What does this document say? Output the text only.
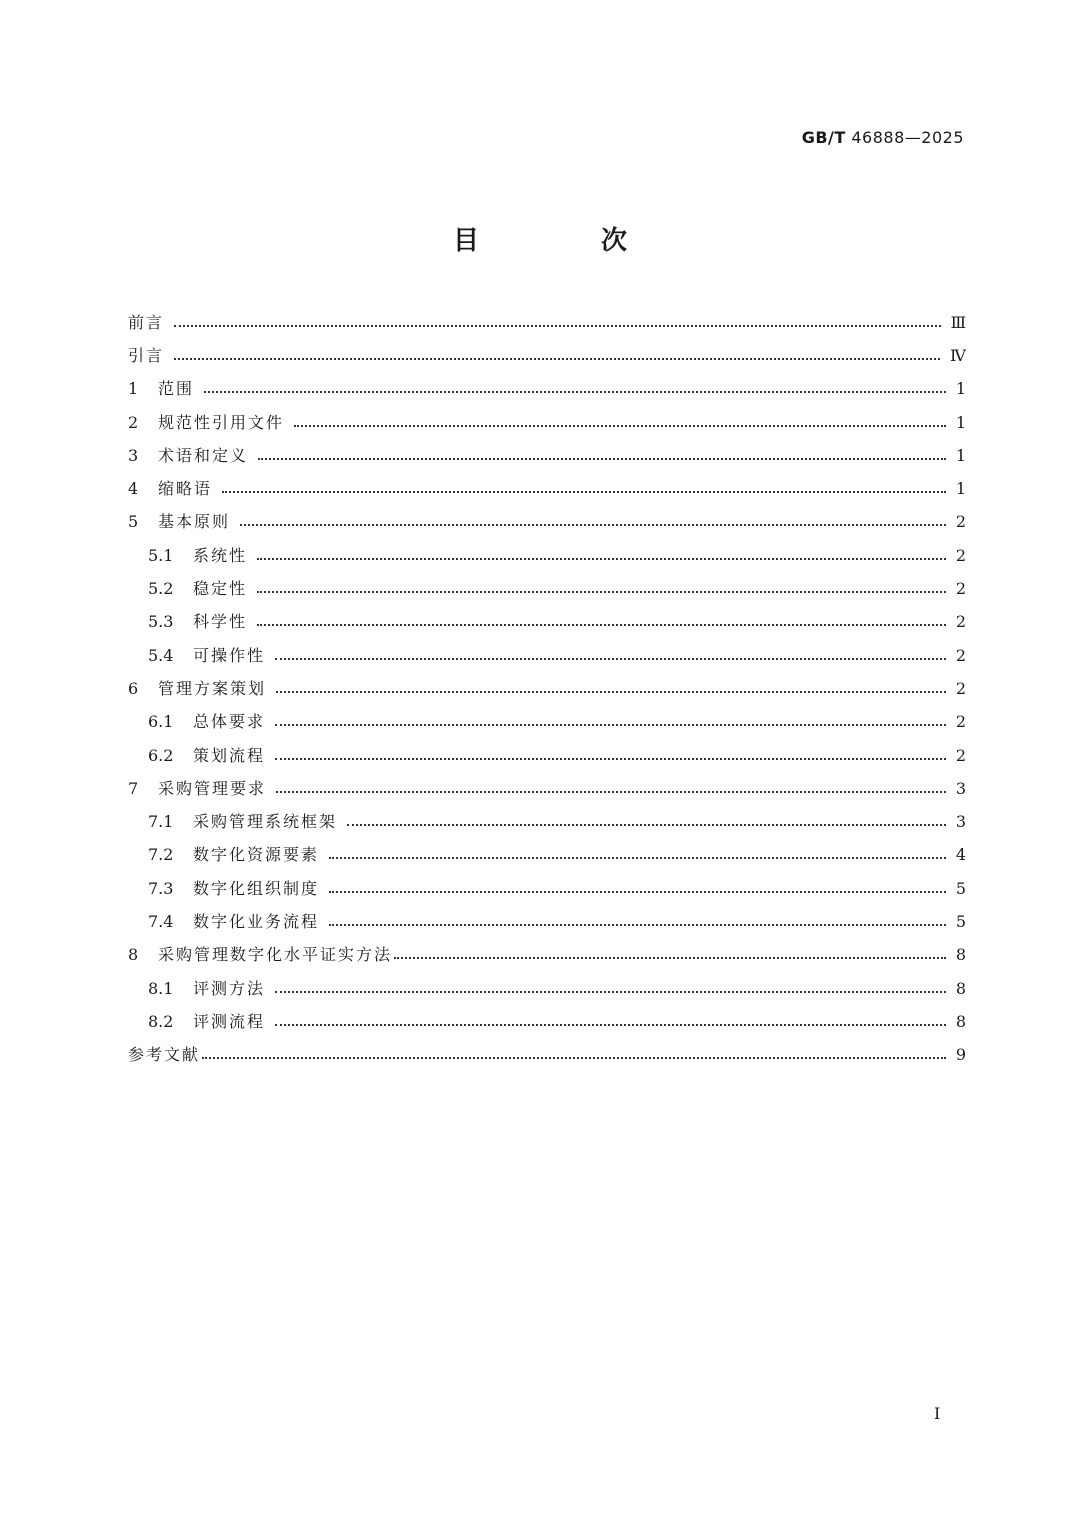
GB/T 46888—2025
目　次
前言	Ⅲ
引言	Ⅳ
1	范围	1
2	规范性引用文件	1
3	术语和定义	1
4	缩略语	1
5	基本原则	2
5.1	系统性	2
5.2	稳定性	2
5.3	科学性	2
5.4	可操作性	2
6	管理方案策划	2
6.1	总体要求	2
6.2	策划流程	2
7	采购管理要求	3
7.1	采购管理系统框架	3
7.2	数字化资源要素	4
7.3	数字化组织制度	5
7.4	数字化业务流程	5
8	采购管理数字化水平证实方法	8
8.1	评测方法	8
8.2	评测流程	8
参考文献	9
I
